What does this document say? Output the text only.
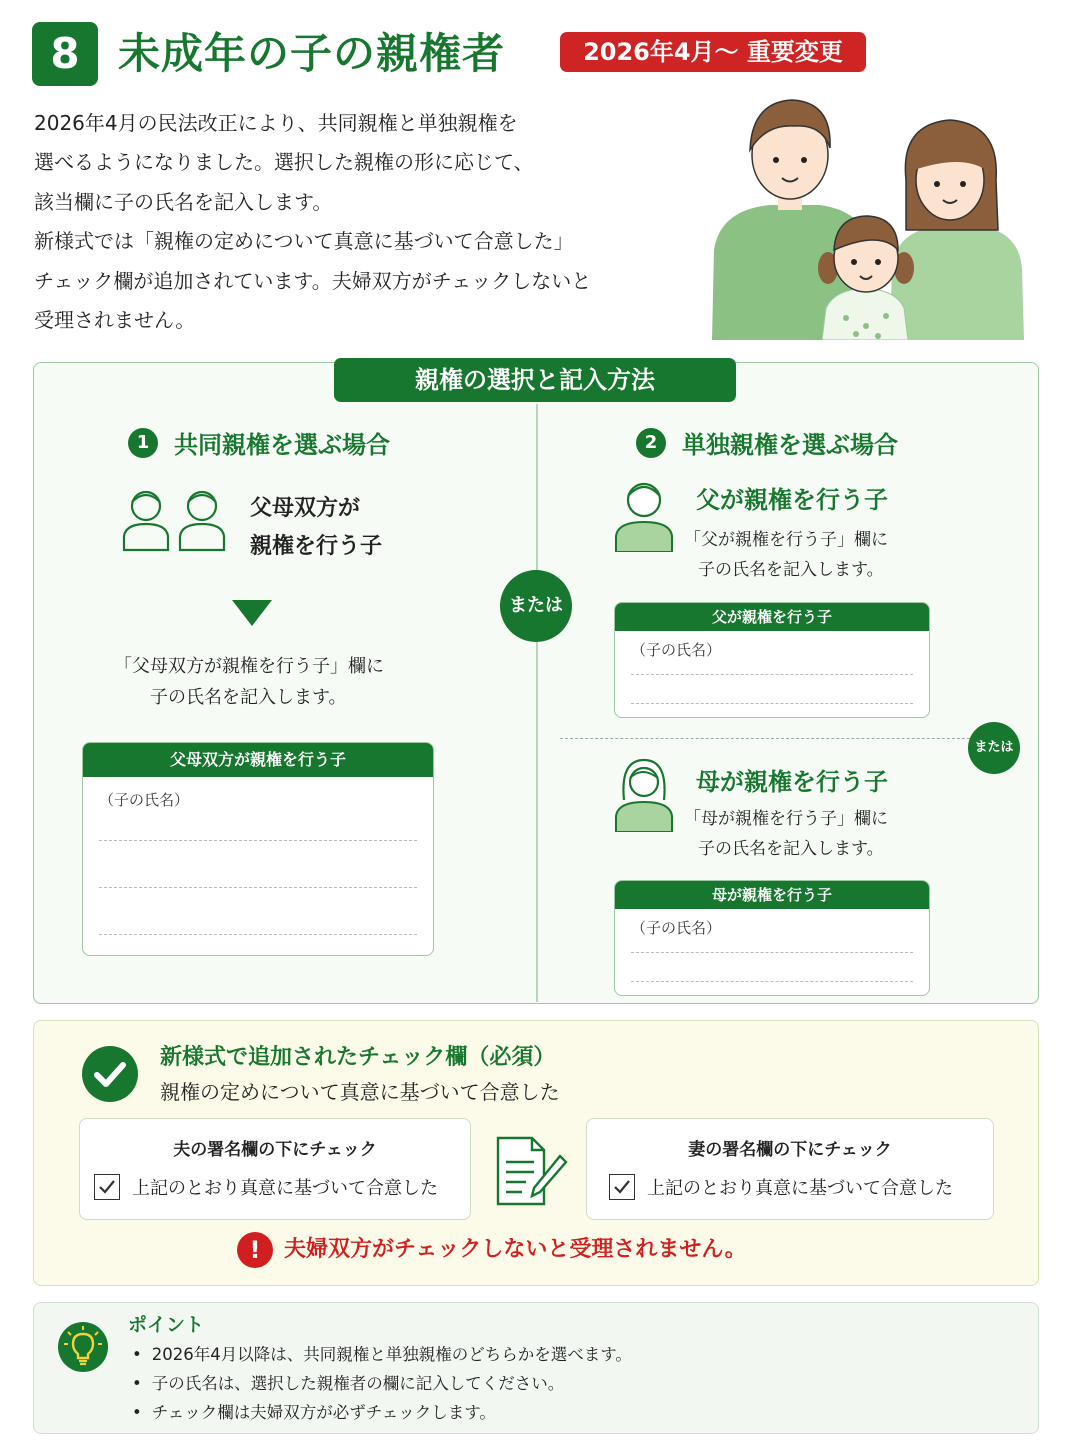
8 未成年の子の親権者	2026年4月〜 重要変更
2026年4月の民法改正により、共同親権と単独親権を
選べるようになりました。選択した親権の形に応じて、
該当欄に子の氏名を記入します。
新様式では「親権の定めについて真意に基づいて合意した」
チェック欄が追加されています。夫婦双方がチェックしないと
受理されません。
親権の選択と記入方法
1	共同親権を選ぶ場合
父母双方が
親権を行う子
「父母双方が親権を行う子」欄に
子の氏名を記入します。
父母双方が親権を行う子
（子の氏名）
または
2	単独親権を選ぶ場合
父が親権を行う子
「父が親権を行う子」欄に
子の氏名を記入します。
父が親権を行う子
（子の氏名）
または
母が親権を行う子
「母が親権を行う子」欄に
子の氏名を記入します。
母が親権を行う子
（子の氏名）
新様式で追加されたチェック欄（必須）
親権の定めについて真意に基づいて合意した
夫の署名欄の下にチェック
上記のとおり真意に基づいて合意した
妻の署名欄の下にチェック
上記のとおり真意に基づいて合意した
!	夫婦双方がチェックしないと受理されません。
ポイント
• 2026年4月以降は、共同親権と単独親権のどちらかを選べます。
• 子の氏名は、選択した親権者の欄に記入してください。
• チェック欄は夫婦双方が必ずチェックします。
